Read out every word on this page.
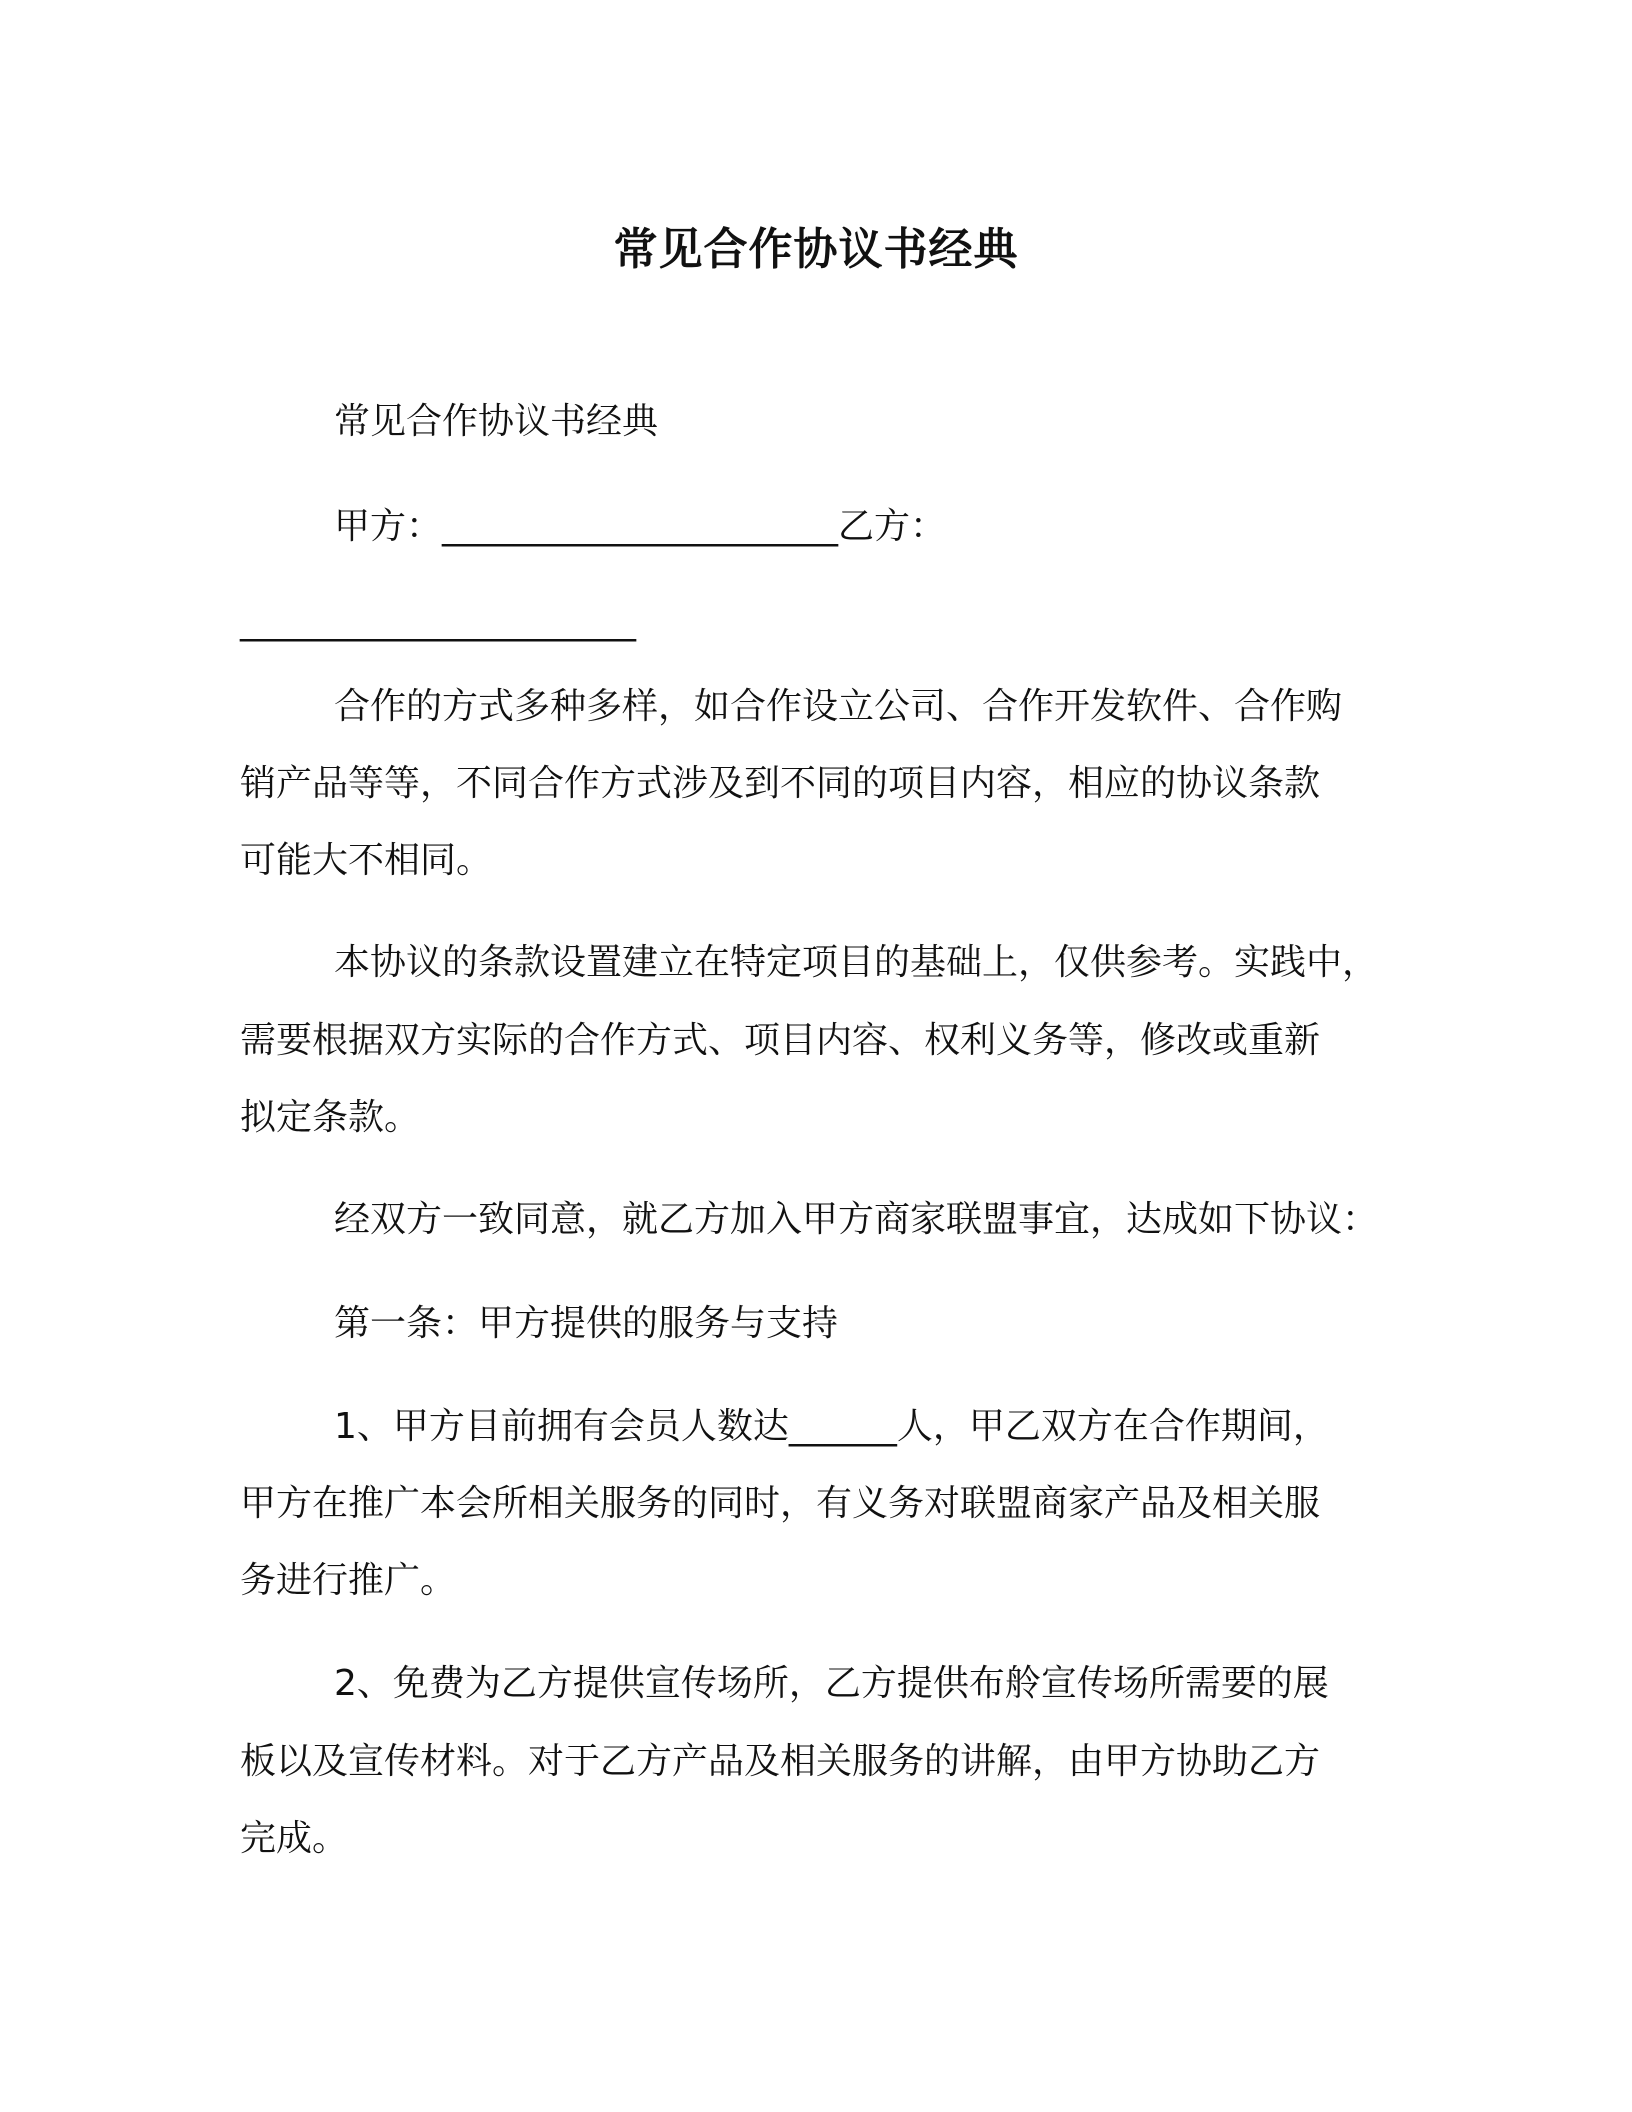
常见合作协议书经典
常见合作协议书经典
甲方：______________________乙方：
______________________
合作的方式多种多样，如合作设立公司、合作开发软件、合作购
销产品等等，不同合作方式涉及到不同的项目内容，相应的协议条款
可能大不相同。
本协议的条款设置建立在特定项目的基础上，仅供参考。实践中，
需要根据双方实际的合作方式、项目内容、权利义务等，修改或重新
拟定条款。
经双方一致同意，就乙方加入甲方商家联盟事宜，达成如下协议：
第一条：甲方提供的服务与支持
1、甲方目前拥有会员人数达______人，甲乙双方在合作期间，
甲方在推广本会所相关服务的同时，有义务对联盟商家产品及相关服
务进行推广。
2、免费为乙方提供宣传场所，乙方提供布舲宣传场所需要的展
板以及宣传材料。对于乙方产品及相关服务的讲解，由甲方协助乙方
完成。
